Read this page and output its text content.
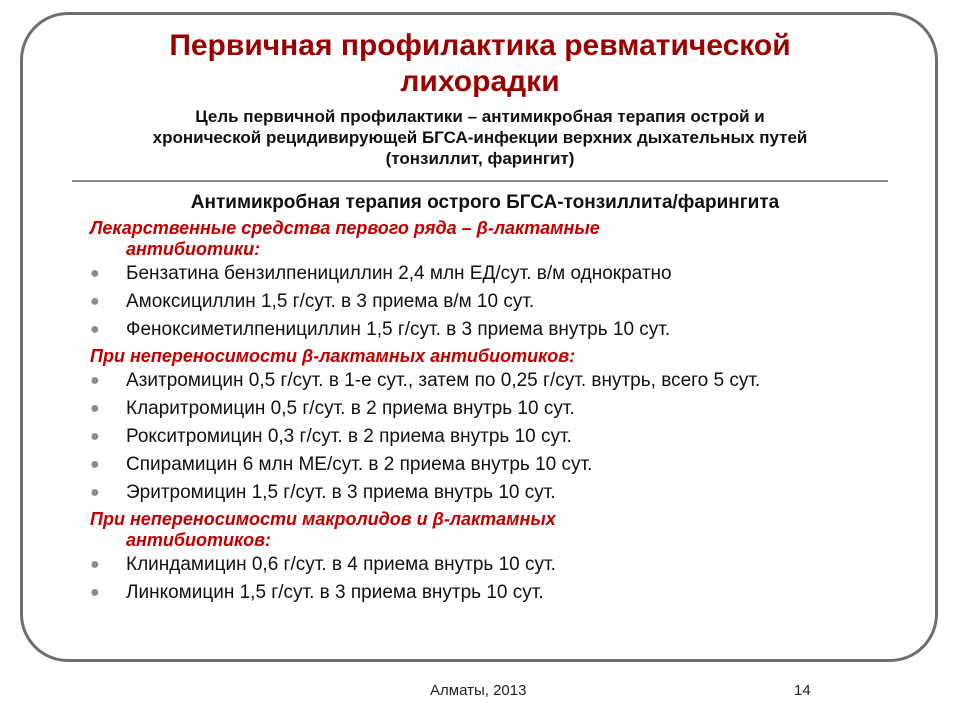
Первичная профилактика ревматической
лихорадки

Цель первичной профилактики – антимикробная терапия острой и хронической рецидивирующей БГСА-инфекции верхних дыхательных путей (тонзиллит, фарингит)

Антимикробная терапия острого БГСА-тонзиллита/фарингита

Лекарственные средства первого ряда – β-лактамные
антибиотики:

● Бензатина бензилпенициллин 2,4 млн ЕД/сут. в/м однократно
● Амоксициллин 1,5 г/сут. в 3 приема в/м 10 сут.
● Феноксиметилпенициллин 1,5 г/сут. в 3 приема внутрь 10 сут.

При непереносимости β-лактамных антибиотиков:

● Азитромицин 0,5 г/сут. в 1-е сут., затем по 0,25 г/сут. внутрь, всего 5 сут.
● Кларитромицин 0,5 г/сут. в 2 приема внутрь 10 сут.
● Рокситромицин 0,3 г/сут. в 2 приема внутрь 10 сут.
● Спирамицин 6 млн МЕ/сут. в 2 приема внутрь 10 сут.
● Эритромицин 1,5 г/сут. в 3 приема внутрь 10 сут.

При непереносимости макролидов и β-лактамных
антибиотиков:

● Клиндамицин 0,6 г/сут. в 4 приема внутрь 10 сут.
● Линкомицин 1,5 г/сут. в 3 приема внутрь 10 сут.
Алматы, 2013	14
